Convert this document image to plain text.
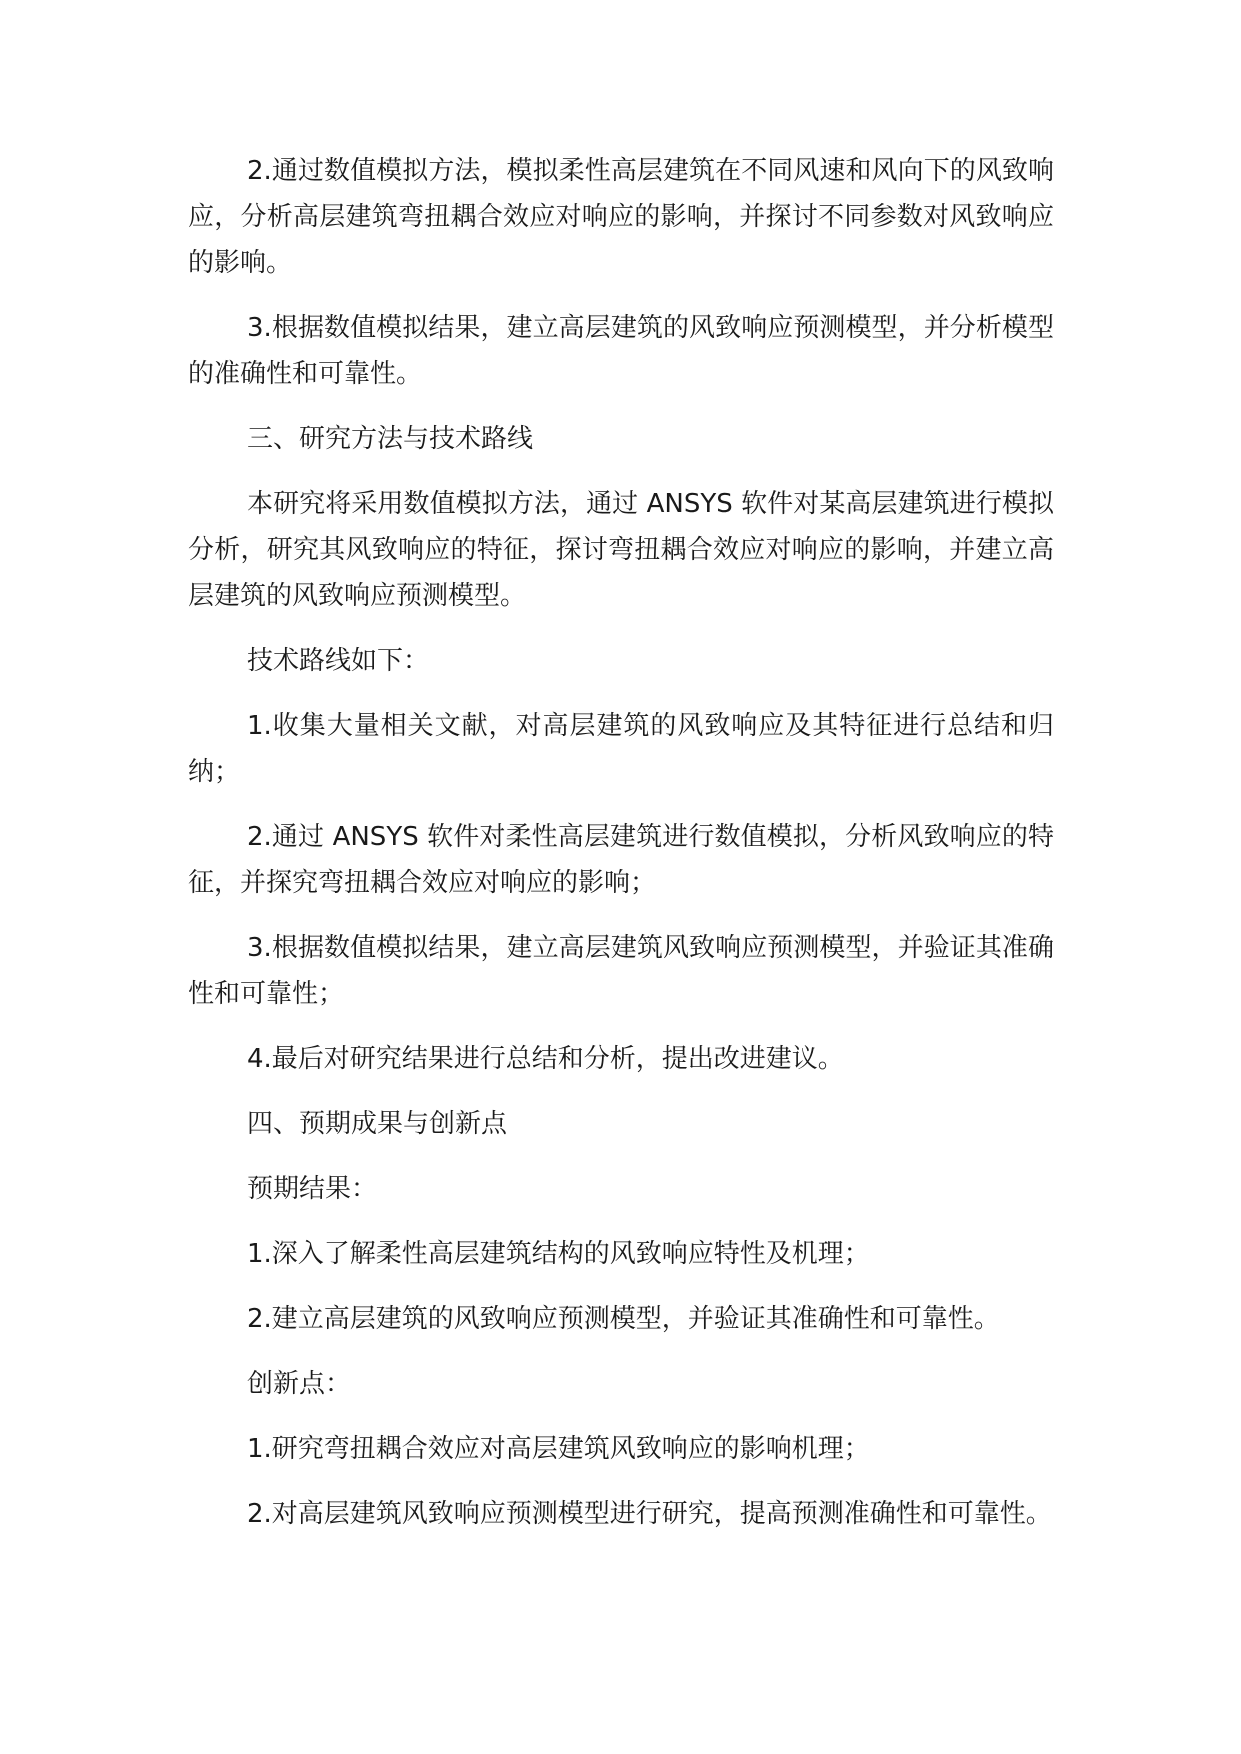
2.通过数值模拟方法，模拟柔性高层建筑在不同风速和风向下的风致响应，分析高层建筑弯扭耦合效应对响应的影响，并探讨不同参数对风致响应的影响。

3.根据数值模拟结果，建立高层建筑的风致响应预测模型，并分析模型的准确性和可靠性。

三、研究方法与技术路线

本研究将采用数值模拟方法，通过 ANSYS 软件对某高层建筑进行模拟分析，研究其风致响应的特征，探讨弯扭耦合效应对响应的影响，并建立高层建筑的风致响应预测模型。

技术路线如下：

1.收集大量相关文献，对高层建筑的风致响应及其特征进行总结和归纳；

2.通过 ANSYS 软件对柔性高层建筑进行数值模拟，分析风致响应的特征，并探究弯扭耦合效应对响应的影响；

3.根据数值模拟结果，建立高层建筑风致响应预测模型，并验证其准确性和可靠性；

4.最后对研究结果进行总结和分析，提出改进建议。

四、预期成果与创新点

预期结果：

1.深入了解柔性高层建筑结构的风致响应特性及机理；

2.建立高层建筑的风致响应预测模型，并验证其准确性和可靠性。

创新点：

1.研究弯扭耦合效应对高层建筑风致响应的影响机理；

2.对高层建筑风致响应预测模型进行研究，提高预测准确性和可靠性。
